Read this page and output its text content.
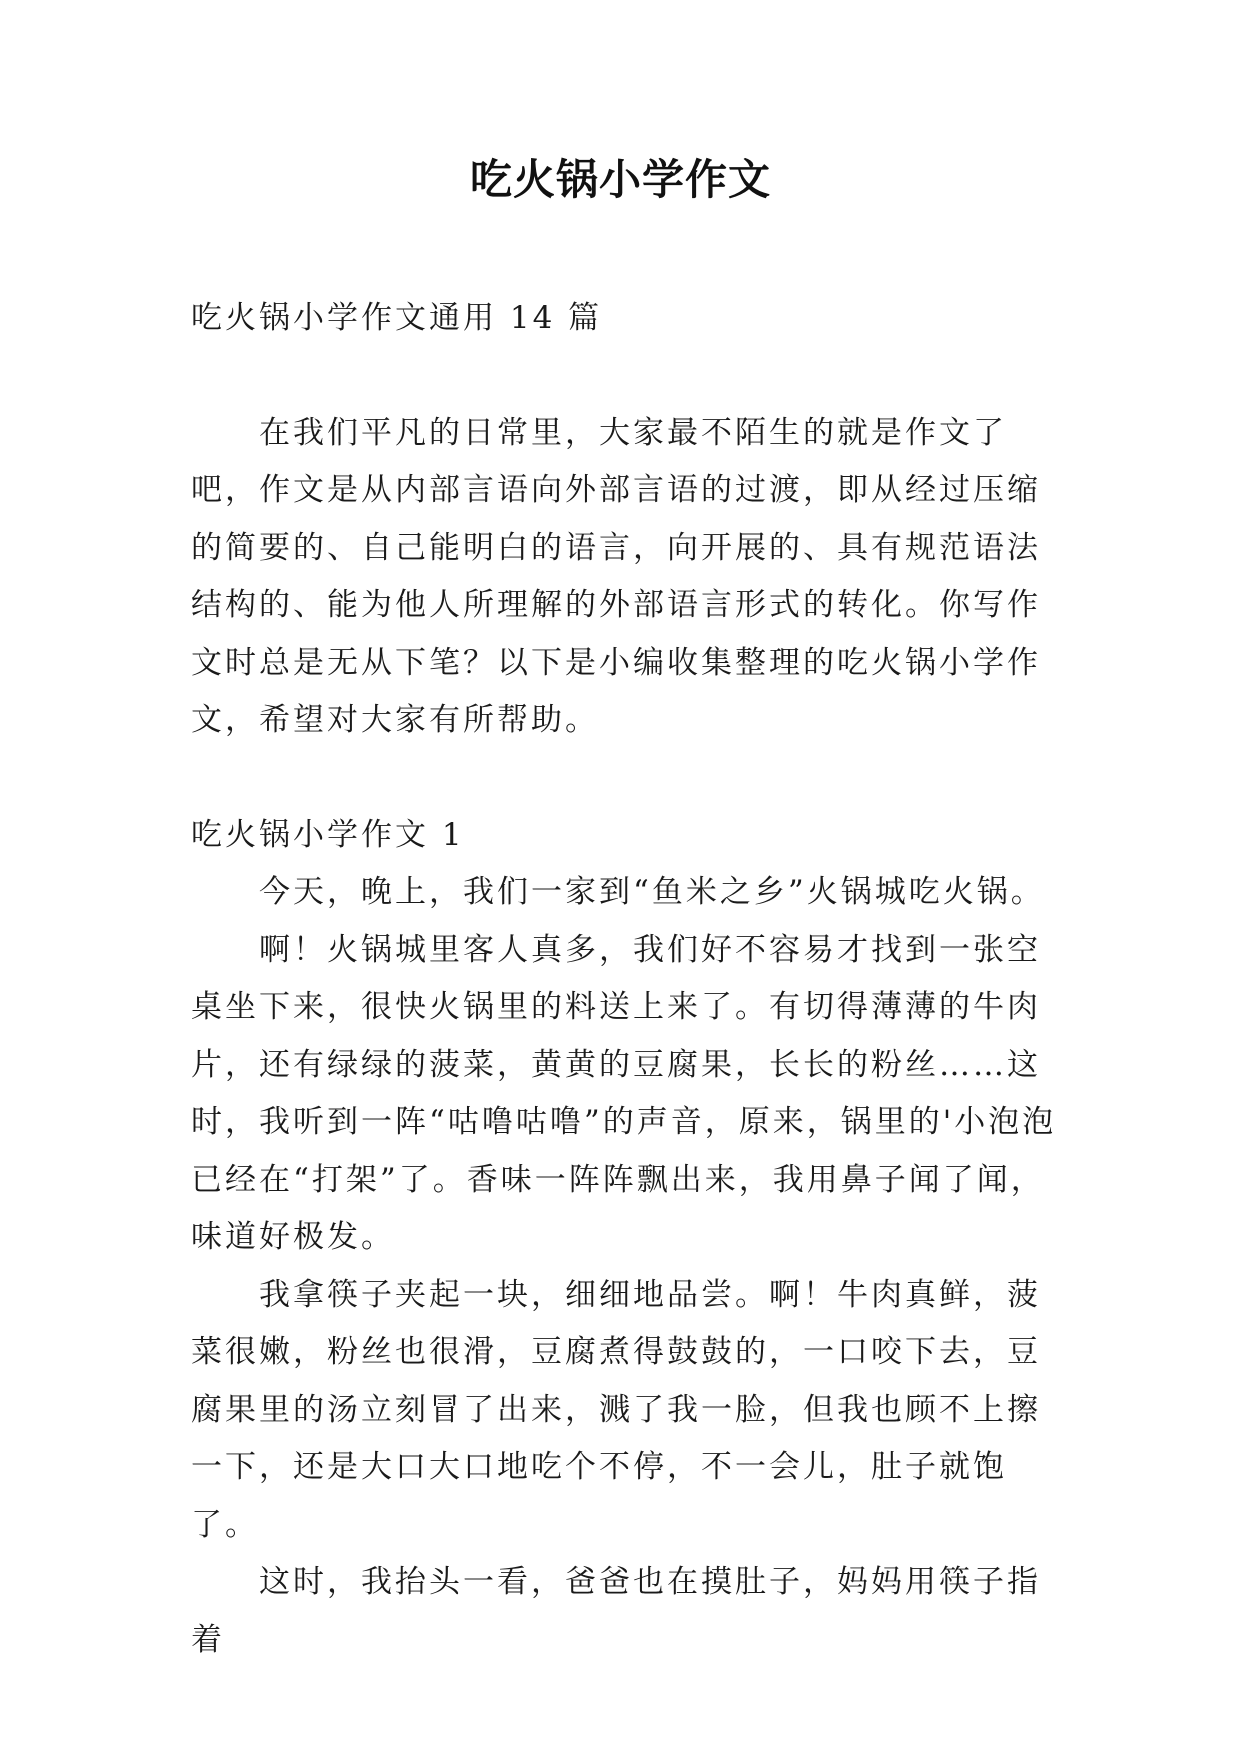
吃火锅小学作文

吃火锅小学作文通用 14 篇

在我们平凡的日常里，大家最不陌生的就是作文了吧，作文是从内部言语向外部言语的过渡，即从经过压缩的简要的、自己能明白的语言，向开展的、具有规范语法结构的、能为他人所理解的外部语言形式的转化。你写作文时总是无从下笔？以下是小编收集整理的吃火锅小学作文，希望对大家有所帮助。

吃火锅小学作文 1

今天，晚上，我们一家到“鱼米之乡”火锅城吃火锅。

啊！火锅城里客人真多，我们好不容易才找到一张空桌坐下来，很快火锅里的料送上来了。有切得薄薄的牛肉片，还有绿绿的菠菜，黄黄的豆腐果，长长的粉丝……这时，我听到一阵“咕噜咕噜”的声音，原来，锅里的'小泡泡已经在“打架”了。香味一阵阵飘出来，我用鼻子闻了闻，味道好极发。

我拿筷子夹起一块，细细地品尝。啊！牛肉真鲜，菠菜很嫩，粉丝也很滑，豆腐煮得鼓鼓的，一口咬下去，豆腐果里的汤立刻冒了出来，溅了我一脸，但我也顾不上擦一下，还是大口大口地吃个不停，不一会儿，肚子就饱了。

这时，我抬头一看，爸爸也在摸肚子，妈妈用筷子指着
